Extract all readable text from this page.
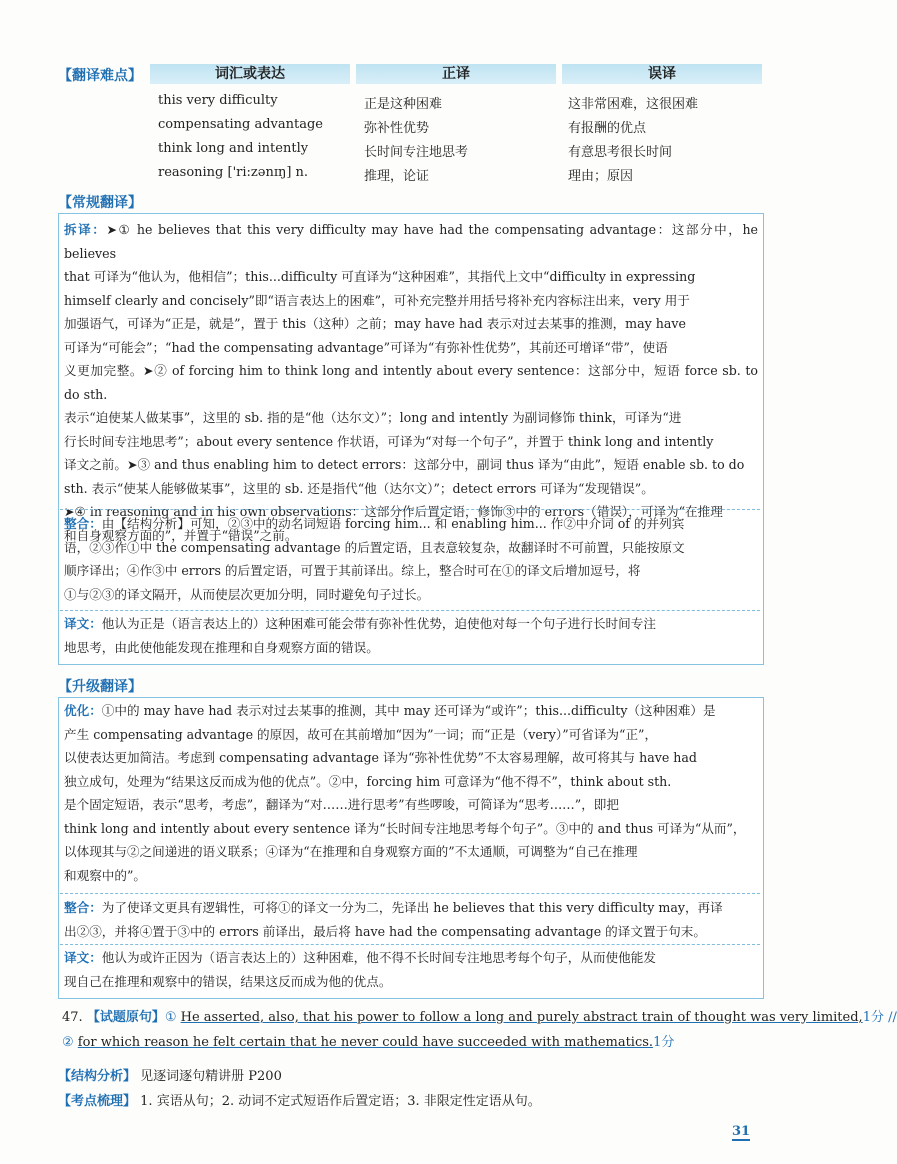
【翻译难点】	词汇或表达	正译	误译
this very difficulty	正是这种困难	这非常困难，这很困难
compensating advantage	弥补性优势	有报酬的优点
think long and intently	长时间专注地思考	有意思考很长时间
reasoning ['ri:zənɪŋ] n.	推理，论证	理由；原因
【常规翻译】
拆译：➤① he believes that this very difficulty may have had the compensating advantage：这部分中，he believes
that 可译为“他认为，他相信”；this...difficulty 可直译为“这种困难”，其指代上文中“difficulty in expressing
himself clearly and concisely”即“语言表达上的困难”，可补充完整并用括号将补充内容标注出来，very 用于
加强语气，可译为“正是，就是”，置于 this（这种）之前；may have had 表示对过去某事的推测，may have
可译为“可能会”；“had the compensating advantage”可译为“有弥补性优势”，其前还可增译“带”，使语
义更加完整。➤② of forcing him to think long and intently about every sentence：这部分中，短语 force sb. to do sth.
表示“迫使某人做某事”，这里的 sb. 指的是“他（达尔文）”；long and intently 为副词修饰 think，可译为“进
行长时间专注地思考”；about every sentence 作状语，可译为“对每一个句子”，并置于 think long and intently
译文之前。➤③ and thus enabling him to detect errors：这部分中，副词 thus 译为“由此”，短语 enable sb. to do
sth. 表示“使某人能够做某事”，这里的 sb. 还是指代“他（达尔文）”；detect errors 可译为“发现错误”。
➤④ in reasoning and in his own observations：这部分作后置定语，修饰③中的 errors（错误），可译为“在推理
和自身观察方面的”，并置于“错误”之前。
整合：由【结构分析】可知，②③中的动名词短语 forcing him... 和 enabling him... 作②中介词 of 的并列宾
语，②③作①中 the compensating advantage 的后置定语，且表意较复杂，故翻译时不可前置，只能按原文
顺序译出；④作③中 errors 的后置定语，可置于其前译出。综上，整合时可在①的译文后增加逗号，将
①与②③的译文隔开，从而使层次更加分明，同时避免句子过长。
译文：他认为正是（语言表达上的）这种困难可能会带有弥补性优势，迫使他对每一个句子进行长时间专注
地思考，由此使他能发现在推理和自身观察方面的错误。
【升级翻译】
优化：①中的 may have had 表示对过去某事的推测，其中 may 还可译为“或许”；this...difficulty（这种困难）是
产生 compensating advantage 的原因，故可在其前增加“因为”一词；而“正是（very）”可省译为“正”，
以使表达更加简洁。考虑到 compensating advantage 译为“弥补性优势”不太容易理解，故可将其与 have had
独立成句，处理为“结果这反而成为他的优点”。②中，forcing him 可意译为“他不得不”，think about sth.
是个固定短语，表示“思考，考虑”，翻译为“对……进行思考”有些啰唆，可简译为“思考……”，即把
think long and intently about every sentence 译为“长时间专注地思考每个句子”。③中的 and thus 可译为“从而”，
以体现其与②之间递进的语义联系；④译为“在推理和自身观察方面的”不太通顺，可调整为“自己在推理
和观察中的”。
整合：为了使译文更具有逻辑性，可将①的译文一分为二，先译出 he believes that this very difficulty may，再译
出②③，并将④置于③中的 errors 前译出，最后将 have had the compensating advantage 的译文置于句末。
译文：他认为或许正因为（语言表达上的）这种困难，他不得不长时间专注地思考每个句子，从而使他能发
现自己在推理和观察中的错误，结果这反而成为他的优点。
47. 【试题原句】① He asserted, also, that his power to follow a long and purely abstract train of thought was very limited,1分 //
② for which reason he felt certain that he never could have succeeded with mathematics.1分
【结构分析】 见逐词逐句精讲册 P200
【考点梳理】 1. 宾语从句；2. 动词不定式短语作后置定语；3. 非限定性定语从句。
31
